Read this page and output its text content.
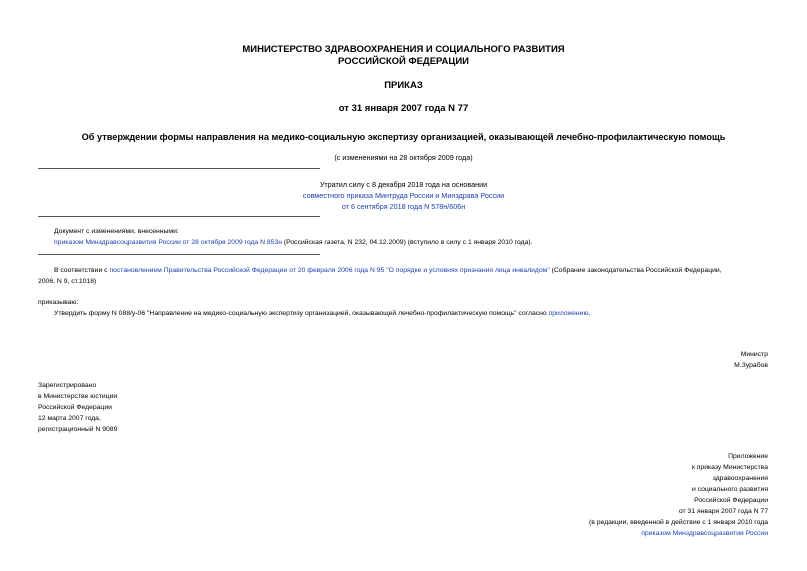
МИНИСТЕРСТВО ЗДРАВООХРАНЕНИЯ И СОЦИАЛЬНОГО РАЗВИТИЯ
РОССИЙСКОЙ ФЕДЕРАЦИИ
ПРИКАЗ
от 31 января 2007 года N 77
Об утверждении формы направления на медико-социальную экспертизу организацией, оказывающей лечебно-профилактическую помощь
(с изменениями на 28 октября 2009 года)
Утратил силу с 8 декабря 2018 года на основании
совместного приказа Минтруда России и Минздрава России
от 6 сентября 2018 года N 578н/606н
Документ с изменениями, внесенными:
приказом Минздравсоцразвития России от 28 октября 2009 года N 853н (Российская газета, N 232, 04.12.2009) (вступило в силу с 1 января 2010 года).
В соответствии с постановлением Правительства Российской Федерации от 20 февраля 2006 года N 95 "О порядке и условиях признания лица инвалидом" (Собрание законодательства Российской Федерации,
2006, N 9, ст.1018)
приказываю:
Утвердить форму N 088/у-06 "Направление на медико-социальную экспертизу организацией, оказывающей лечебно-профилактическую помощь" согласно приложению.
Министр
М.Зурабов
Зарегистрировано
в Министерстве юстиции
Российской Федерации
12 марта 2007 года,
регистрационный N 9089
Приложение
к приказу Министерства
здравоохранения
и социального развития
Российской Федерации
от 31 января 2007 года N 77
(в редакции, введенной в действие с 1 января 2010 года
приказом Минздравсоцразвития России
